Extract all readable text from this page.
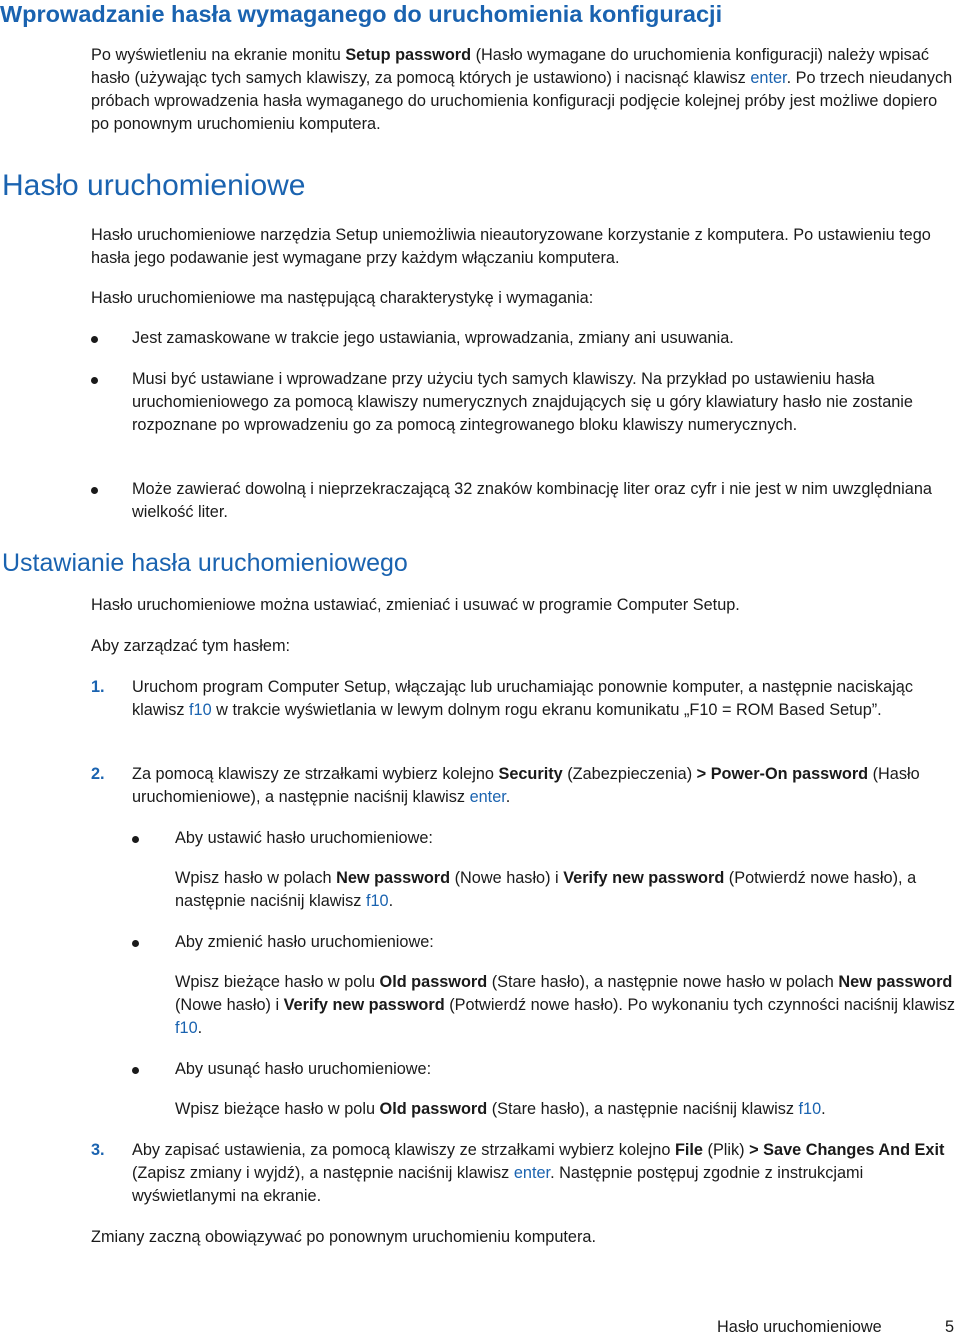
Wprowadzanie hasła wymaganego do uruchomienia konfiguracji

Po wyświetleniu na ekranie monitu Setup password (Hasło wymagane do uruchomienia konfiguracji) należy wpisać hasło (używając tych samych klawiszy, za pomocą których je ustawiono) i nacisnąć klawisz enter. Po trzech nieudanych próbach wprowadzenia hasła wymaganego do uruchomienia konfiguracji podjęcie kolejnej próby jest możliwe dopiero po ponownym uruchomieniu komputera.

Hasło uruchomieniowe

Hasło uruchomieniowe narzędzia Setup uniemożliwia nieautoryzowane korzystanie z komputera. Po ustawieniu tego hasła jego podawanie jest wymagane przy każdym włączaniu komputera.

Hasło uruchomieniowe ma następującą charakterystykę i wymagania:

Jest zamaskowane w trakcie jego ustawiania, wprowadzania, zmiany ani usuwania.

Musi być ustawiane i wprowadzane przy użyciu tych samych klawiszy. Na przykład po ustawieniu hasła uruchomieniowego za pomocą klawiszy numerycznych znajdujących się u góry klawiatury hasło nie zostanie rozpoznane po wprowadzeniu go za pomocą zintegrowanego bloku klawiszy numerycznych.

Może zawierać dowolną i nieprzekraczającą 32 znaków kombinację liter oraz cyfr i nie jest w nim uwzględniana wielkość liter.

Ustawianie hasła uruchomieniowego

Hasło uruchomieniowe można ustawiać, zmieniać i usuwać w programie Computer Setup.

Aby zarządzać tym hasłem:

1. Uruchom program Computer Setup, włączając lub uruchamiając ponownie komputer, a następnie naciskając klawisz f10 w trakcie wyświetlania w lewym dolnym rogu ekranu komunikatu „F10 = ROM Based Setup”.

2. Za pomocą klawiszy ze strzałkami wybierz kolejno Security (Zabezpieczenia) > Power-On password (Hasło uruchomieniowe), a następnie naciśnij klawisz enter.

Aby ustawić hasło uruchomieniowe:

Wpisz hasło w polach New password (Nowe hasło) i Verify new password (Potwierdź nowe hasło), a następnie naciśnij klawisz f10.

Aby zmienić hasło uruchomieniowe:

Wpisz bieżące hasło w polu Old password (Stare hasło), a następnie nowe hasło w polach New password (Nowe hasło) i Verify new password (Potwierdź nowe hasło). Po wykonaniu tych czynności naciśnij klawisz f10.

Aby usunąć hasło uruchomieniowe:

Wpisz bieżące hasło w polu Old password (Stare hasło), a następnie naciśnij klawisz f10.

3. Aby zapisać ustawienia, za pomocą klawiszy ze strzałkami wybierz kolejno File (Plik) > Save Changes And Exit (Zapisz zmiany i wyjdź), a następnie naciśnij klawisz enter. Następnie postępuj zgodnie z instrukcjami wyświetlanymi na ekranie.

Zmiany zaczną obowiązywać po ponownym uruchomieniu komputera.

Hasło uruchomieniowe	5
